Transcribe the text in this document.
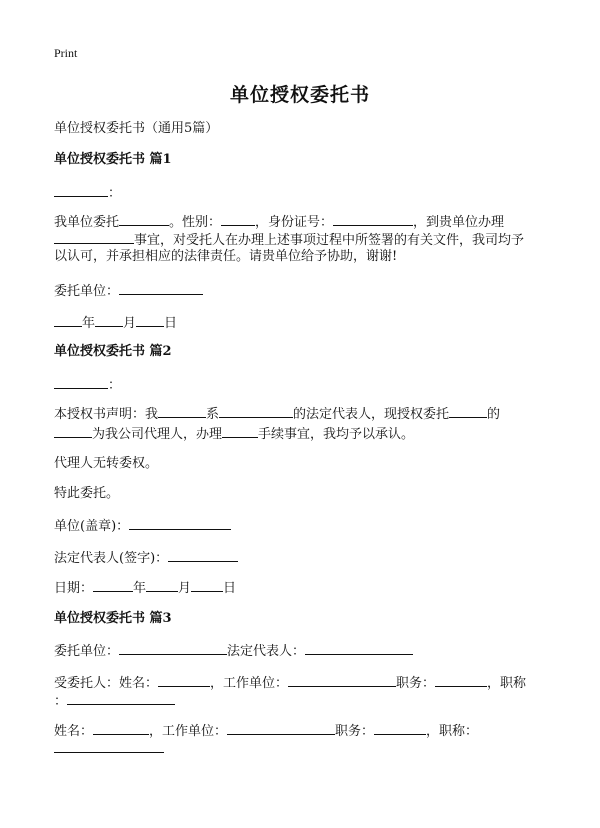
Print
单位授权委托书
单位授权委托书（通用5篇）
单位授权委托书 篇1
：
我单位委托	。性别：	，身份证号：	，到贵单位办理
事宜，对受托人在办理上述事项过程中所签署的有关文件，我司均予
以认可，并承担相应的法律责任。请贵单位给予协助，谢谢!
委托单位：
年 月 日
单位授权委托书 篇2
：
本授权书声明：我	系	的法定代表人，现授权委托	的
为我公司代理人，办理	手续事宜，我均予以承认。
代理人无转委权。
特此委托。
单位(盖章)：
法定代表人(签字)：
日期：	年 月 日
单位授权委托书 篇3
委托单位：	法定代表人：
受委托人：姓名：	，工作单位：	职务：	，职称
：
姓名：	，工作单位：	职务：	，职称：
